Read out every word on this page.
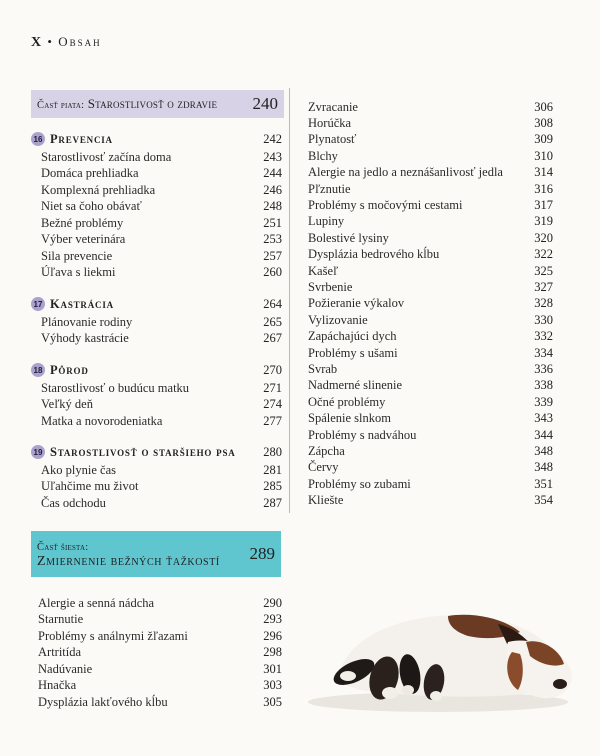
X • Obsah
Časť piata: Starostlivosť o zdravie 240
16 Prevencia	242
Starostlivosť začína doma	243
Domáca prehliadka	244
Komplexná prehliadka	246
Niet sa čoho obávať	248
Bežné problémy	251
Výber veterinára	253
Sila prevencie	257
Úľava s liekmi	260
17 Kastrácia	264
Plánovanie rodiny	265
Výhody kastrácie	267
18 Pôrod	270
Starostlivosť o budúcu matku	271
Veľký deň	274
Matka a novorodeniatka	277
19 Starostlivosť o staršieho psa	280
Ako plynie čas	281
Uľahčime mu život	285
Čas odchodu	287
Časť šiesta:
Zmiernenie bežných ťažkostí 289
Alergie a senná nádcha	290
Starnutie	293
Problémy s análnymi žľazami	296
Artritída	298
Nadúvanie	301
Hnačka	303
Dysplázia lakťového kĺbu	305
Zvracanie	306
Horúčka	308
Plynatosť	309
Blchy	310
Alergie na jedlo a neznášanlivosť jedla	314
Pľznutie	316
Problémy s močovými cestami	317
Lupiny	319
Bolestivé lysiny	320
Dysplázia bedrového kĺbu	322
Kašeľ	325
Svrbenie	327
Požieranie výkalov	328
Vylizovanie	330
Zapáchajúci dych	332
Problémy s ušami	334
Svrab	336
Nadmerné slinenie	338
Očné problémy	339
Spálenie slnkom	343
Problémy s nadváhou	344
Zápcha	348
Červy	348
Problémy so zubami	351
Kliešte	354
